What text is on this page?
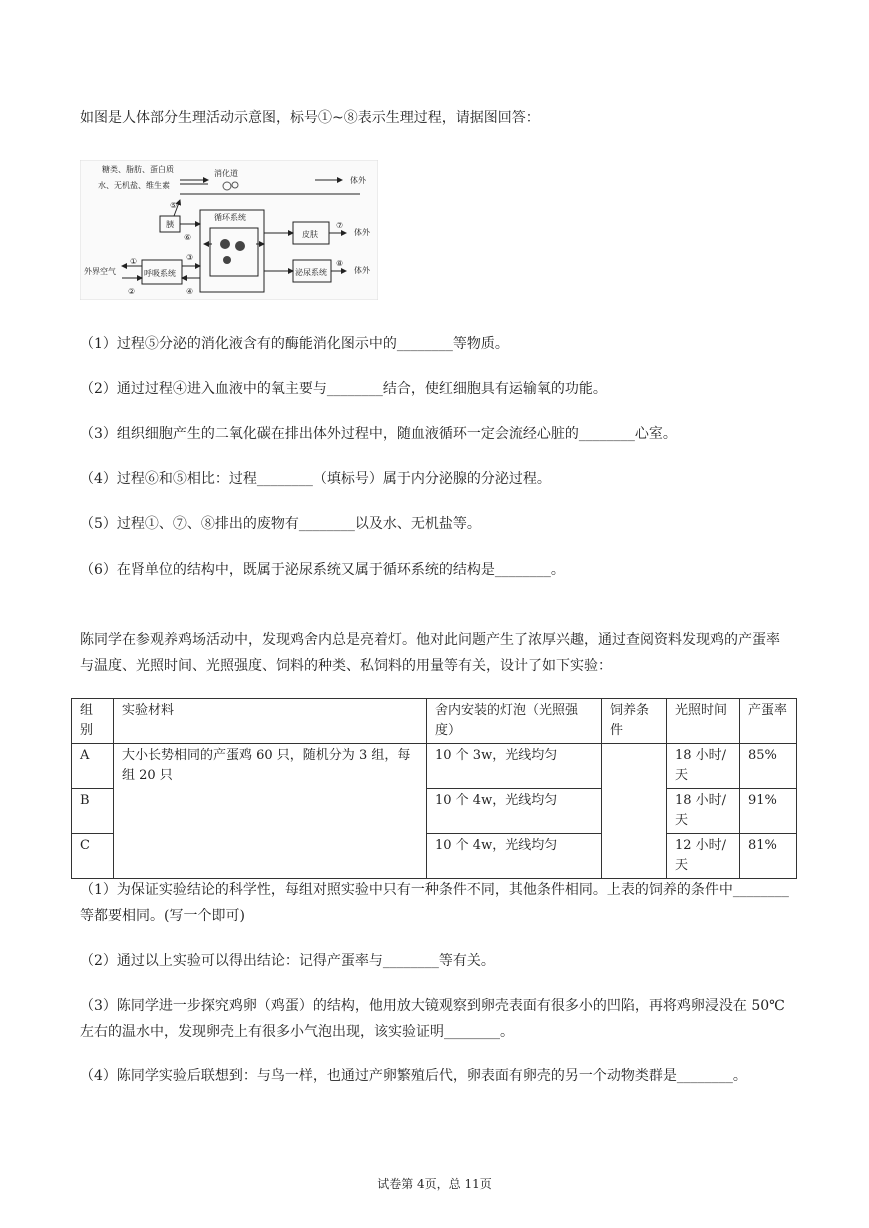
如图是人体部分生理活动示意图，标号①~⑧表示生理过程，请据图回答：
糖类、脂肪、蛋白质
水、无机盐、维生素
消化道
体外
胰
⑤
⑥
循环系统
皮肤
⑦
体外
泌尿系统
⑧
体外
呼吸系统
③
④
外界空气
①
②
（1）过程⑤分泌的消化液含有的酶能消化图示中的________等物质。
（2）通过过程④进入血液中的氧主要与________结合，使红细胞具有运输氧的功能。
（3）组织细胞产生的二氧化碳在排出体外过程中，随血液循环一定会流经心脏的________心室。
（4）过程⑥和⑤相比：过程________（填标号）属于内分泌腺的分泌过程。
（5）过程①、⑦、⑧排出的废物有________以及水、无机盐等。
（6）在肾单位的结构中，既属于泌尿系统又属于循环系统的结构是________。
陈同学在参观养鸡场活动中，发现鸡舍内总是亮着灯。他对此问题产生了浓厚兴趣，通过查阅资料发现鸡的产蛋率与温度、光照时间、光照强度、饲料的种类、私饲料的用量等有关，设计了如下实验：
组别	实验材料	舍内安装的灯泡（光照强度）	饲养条件	光照时间	产蛋率
A	大小长势相同的产蛋鸡 60 只，随机分为 3 组，每组 20 只	10 个 3w，光线均匀		18 小时/天	85%
B		10 个 4w，光线均匀		18 小时/天	91%
C		10 个 4w，光线均匀		12 小时/天	81%
（1）为保证实验结论的科学性，每组对照实验中只有一种条件不同，其他条件相同。上表的饲养的条件中________等都要相同。(写一个即可)
（2）通过以上实验可以得出结论：记得产蛋率与________等有关。
（3）陈同学进一步探究鸡卵（鸡蛋）的结构，他用放大镜观察到卵壳表面有很多小的凹陷，再将鸡卵浸没在 50℃左右的温水中，发现卵壳上有很多小气泡出现，该实验证明________。
（4）陈同学实验后联想到：与鸟一样，也通过产卵繁殖后代，卵表面有卵壳的另一个动物类群是________。
试卷第 4页，总 11页
